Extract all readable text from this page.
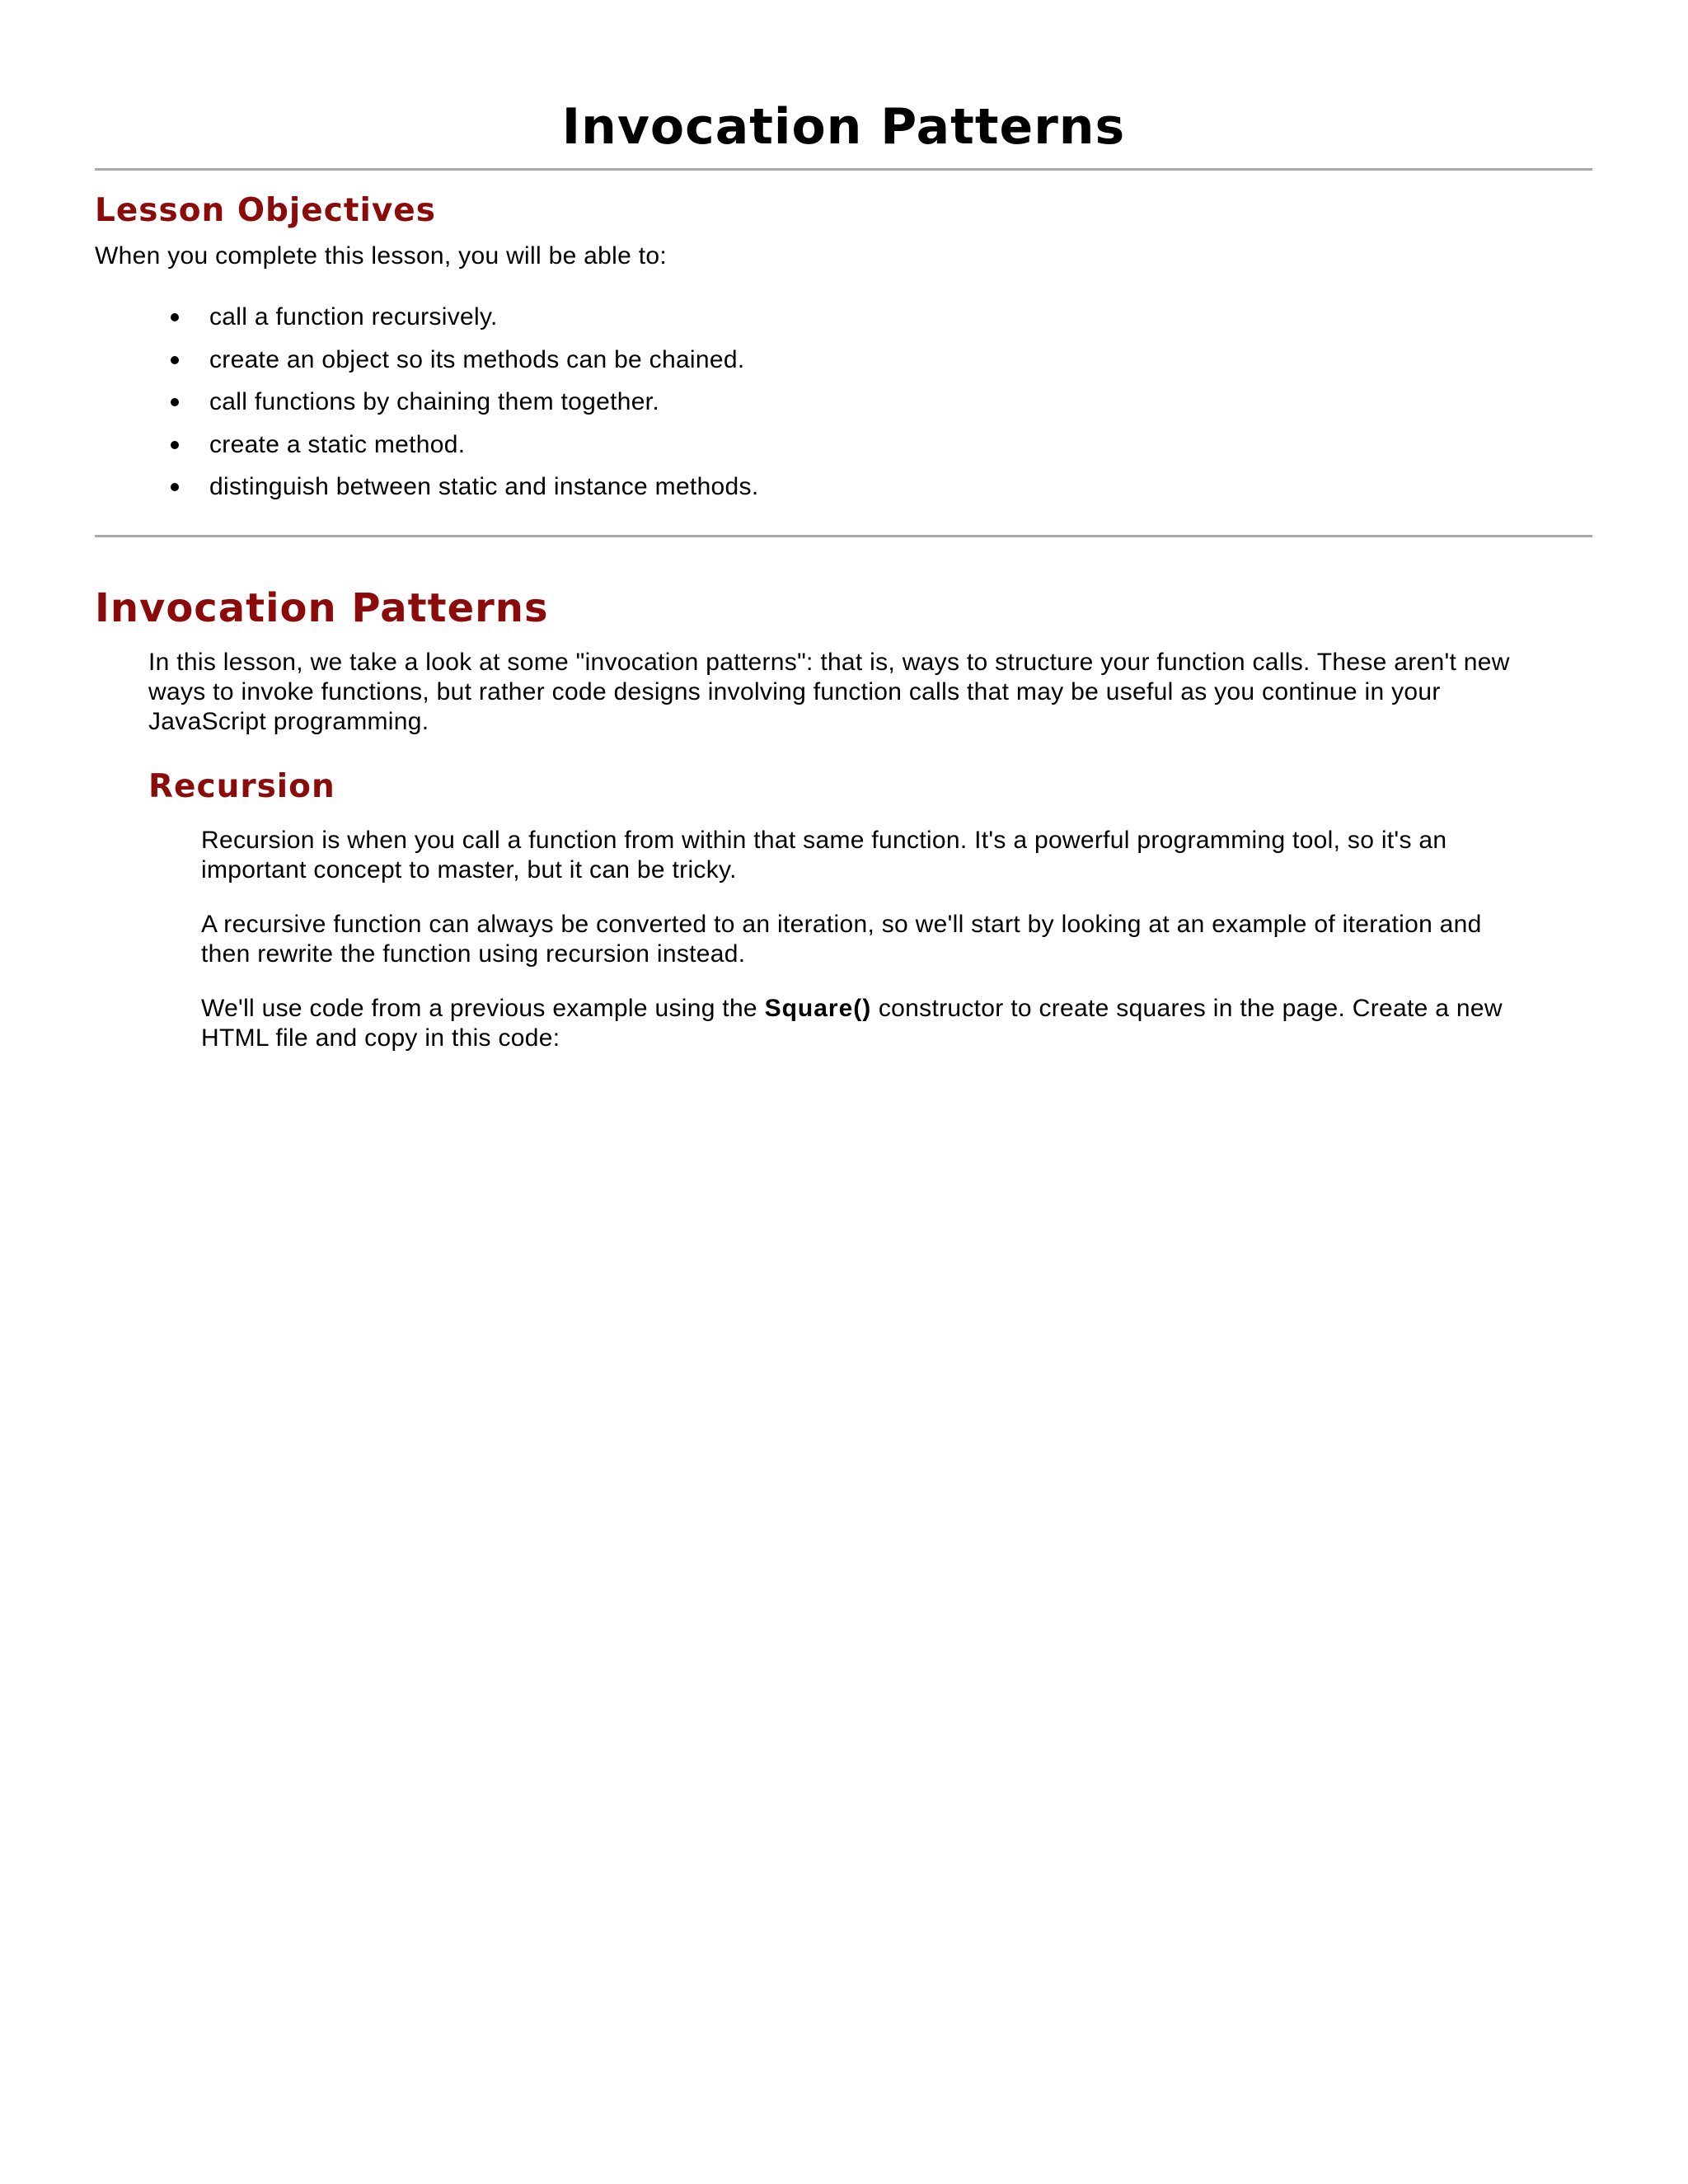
Invocation Patterns
Lesson Objectives

When you complete this lesson, you will be able to:

call a function recursively.
create an object so its methods can be chained.
call functions by chaining them together.
create a static method.
distinguish between static and instance methods.
Invocation Patterns

In this lesson, we take a look at some "invocation patterns": that is, ways to structure your function calls. These aren't new ways to invoke functions, but rather code designs involving function calls that may be useful as you continue in your JavaScript programming.

Recursion

Recursion is when you call a function from within that same function. It's a powerful programming tool, so it's an important concept to master, but it can be tricky.

A recursive function can always be converted to an iteration, so we'll start by looking at an example of iteration and then rewrite the function using recursion instead.

We'll use code from a previous example using the Square() constructor to create squares in the page. Create a new HTML file and copy in this code:
